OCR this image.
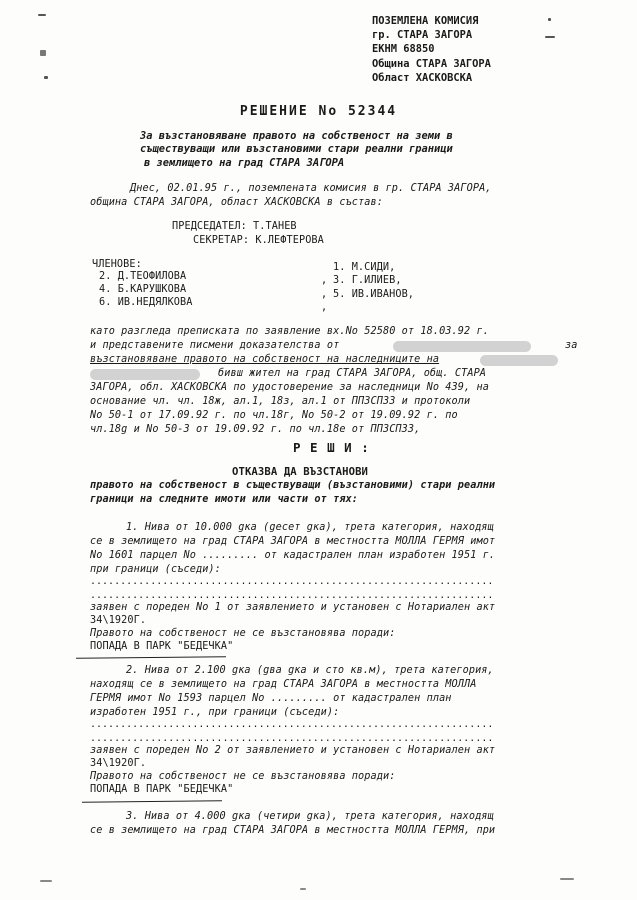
ПОЗЕМЛЕНА КОМИСИЯ
гр. СТАРА ЗАГОРА
ЕКНМ 68850
Община СТАРА ЗАГОРА
Област ХАСКОВСКА
РЕШЕНИЕ No 52344
За възстановяване правото на собственост на земи в
съществуващи или възстановими стари реални граници
в землището на град СТАРА ЗАГОРА
Днес, 02.01.95 г., поземлената комисия в гр. СТАРА ЗАГОРА,
община СТАРА ЗАГОРА, област ХАСКОВСКА в състав:
ПРЕДСЕДАТЕЛ: Т.ТАНЕВ
СЕКРЕТАР: К.ЛЕФТЕРОВА
ЧЛЕНОВЕ:
2. Д.ТЕОФИЛОВА
4. Б.КАРУШКОВА
6. ИВ.НЕДЯЛКОВА
1. М.СИДИ,
, 3. Г.ИЛИЕВ,
, 5. ИВ.ИВАНОВ,
,
като разгледа преписката по заявление вх.No 52580 от 18.03.92 г.
и представените писмени доказателства от	за
възстановяване правото на собственост на наследниците на
бивш жител на град СТАРА ЗАГОРА, общ. СТАРА
ЗАГОРА, обл. ХАСКОВСКА по удостоверение за наследници No 439, на
основание чл. чл. 18ж, ал.1, 18з, ал.1 от ППЗСПЗЗ и протоколи
No 50-1 от 17.09.92 г. по чл.18г, No 50-2 от 19.09.92 г. по
чл.18g и No 50-3 от 19.09.92 г. по чл.18е от ППЗСПЗЗ,
Р Е Ш И :
ОТКАЗВА ДА ВЪЗСТАНОВИ
правото на собственост в съществуващи (възстановими) стари реални
граници на следните имоти или части от тях:
1. Нива от 10.000 gка (gесет gка), трета категория, находящ
се в землището на град СТАРА ЗАГОРА в местността МОЛЛА ГЕРМЯ имот
No 1601 парцел No ......... от кадастрален план изработен 1951 г.
при граници (съседи):
...................................................................
...................................................................
заявен с пореден No 1 от заявлението и установен с Нотариален акт
34\1920Г.
Правото на собственост не се възстановява поради:
ПОПАДА В ПАРК "БЕДЕЧКА"
2. Нива от 2.100 gка (gва gка и сто кв.м), трета категория,
находящ се в землището на град СТАРА ЗАГОРА в местността МОЛЛА
ГЕРМЯ имот No 1593 парцел No ......... от кадастрален план
изработен 1951 г., при граници (съседи):
...................................................................
...................................................................
заявен с пореден No 2 от заявлението и установен с Нотариален акт
34\1920Г.
Правото на собственост не се възстановява поради:
ПОПАДА В ПАРК "БЕДЕЧКА"
3. Нива от 4.000 gка (четири gка), трета категория, находящ
се в землището на град СТАРА ЗАГОРА в местността МОЛЛА ГЕРМЯ, при
